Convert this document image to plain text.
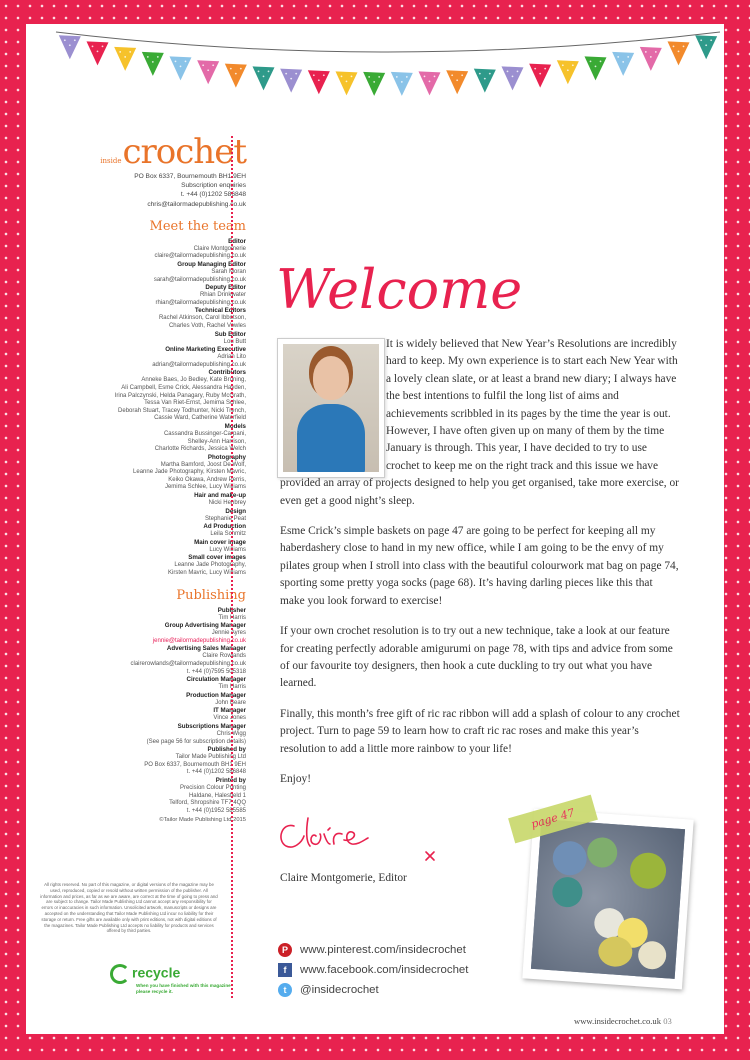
$^{inside}$crochet
PO Box 6337, Bournemouth BH1 9EH
Subscription enquiries
t. +44 (0)1202 586848
chris@tailormadepublishing.co.uk
Meet the team
Editor
Claire Montgomerie
claire@tailormadepublishing.co.uk
Group Managing Editor
Sarah Moran
sarah@tailormadepublishing.co.uk
Deputy Editor
Rhian Drinkwater
rhian@tailormadepublishing.co.uk
Technical Editors
Rachel Atkinson, Carol Ibbotson,
Charles Voth, Rachel Vowles
Sub Editor
Lou Butt
Online Marketing Executive
Adrian Lito
adrian@tailormadepublishing.co.uk
Contributors
Anneke Baes, Jo Bedley, Kate Bruning,
Ali Campbell, Esme Crick, Alessandra Hayden,
Irina Palczynski, Helda Panagary, Ruby McGrath,
Tessa Van Riet-Ernst, Jemima Schlee,
Deborah Stuart, Tracey Todhunter, Nicki Trench,
Cassie Ward, Catherine Waterfield
Models
Cassandra Bussinger-Carpani,
Shelley-Ann Harrison,
Charlotte Richards, Jessica Welch
Photography
Martha Bamford, Joost De Wolf,
Leanne Jade Photography, Kirsten Mavric,
Keiko Okawa, Andrew Perris,
Jemima Schlee, Lucy Williams
Hair and make-up
Nicki Henbrey
Design
Stephanie Peat
Ad Production
Leila Schmitz
Main cover image
Lucy Williams
Small cover images
Leanne Jade Photography,
Kirsten Mavric, Lucy Williams
Publishing
Publisher
Tim Harris
Group Advertising Manager
Jennie Ayres
jennie@tailormadepublishing.co.uk
Advertising Sales Manager
Claire Rowlands
clairerowlands@tailormadepublishing.co.uk
t. +44 (0)7595 505318
Circulation Manager
Tim Harris
Production Manager
John Beare
IT Manager
Vince Jones
Subscriptions Manager
Chris Wigg
(See page 56 for subscription details)
Published by
Tailor Made Publishing Ltd
PO Box 6337, Bournemouth BH1 9EH
t. +44 (0)1202 586848
Printed by
Precision Colour Printing
Haldane, Halesfield 1
Telford, Shropshire TF7 4QQ
t. +44 (0)1952 585585
©Tailor Made Publishing Ltd 2015
All rights reserved. No part of this magazine, or digital versions of the magazine may be used, reproduced, copied or resold without written permission of the publisher. All information and prices, as far as we are aware, are correct at the time of going to press and are subject to change. Tailor Made Publishing Ltd cannot accept any responsibility for errors or inaccuracies in such information. Unsolicited artwork, manuscripts or designs are accepted on the understanding that Tailor Made Publishing Ltd incur no liability for their storage or return. Free gifts are available only with print editions, not with digital editions of the magazines. Tailor Made Publishing Ltd accepts no liability for products and services offered by third parties.
recycle
When you have finished with this magazine please recycle it.
Welcome

It is widely believed that New Year’s Resolutions are incredibly hard to keep. My own experience is to start each New Year with a lovely clean slate, or at least a brand new diary; I always have the best intentions to fulfil the long list of aims and achievements scribbled in its pages by the time the year is out. However, I have often given up on many of them by the time January is through. This year, I have decided to try to use crochet to keep me on the right track and this issue we have provided an array of projects designed to help you get organised, take more exercise, or even get a good night’s sleep.

Esme Crick’s simple baskets on page 47 are going to be perfect for keeping all my haberdashery close to hand in my new office, while I am going to be the envy of my pilates group when I stroll into class with the beautiful colourwork mat bag on page 74, sporting some pretty yoga socks (page 68). It’s having darling pieces like this that make you look forward to exercise!

If your own crochet resolution is to try out a new technique, take a look at our feature for creating perfectly adorable amigurumi on page 78, with tips and advice from some of our favourite toy designers, then hook a cute duckling to try out what you have learned.

Finally, this month’s free gift of ric rac ribbon will add a splash of colour to any crochet project. Turn to page 59 to learn how to craft ric rac roses and make this year’s resolution to add a little more rainbow to your life!

Enjoy!

Claire Montgomerie, Editor
P www.pinterest.com/insidecrochet
f www.facebook.com/insidecrochet
t @insidecrochet
page 47
www.insidecrochet.co.uk 03
